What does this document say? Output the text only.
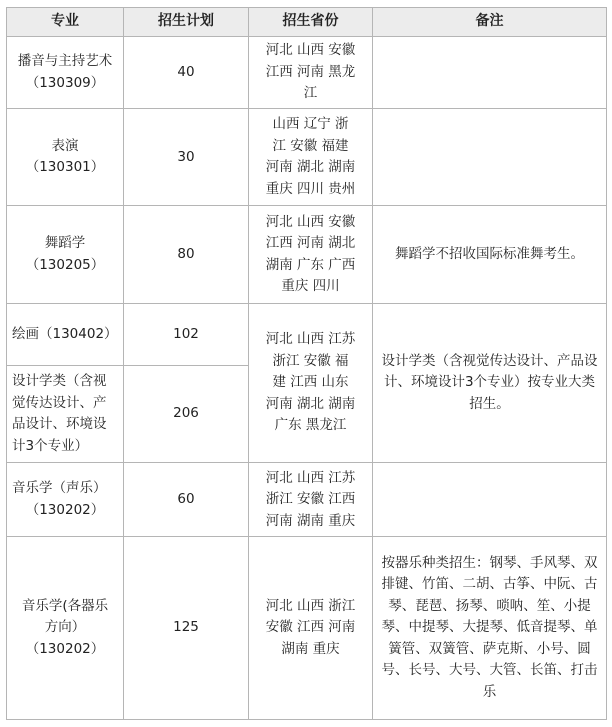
专业	招生计划	招生省份	备注

播音与主持艺术
（130309）	40	河北 山西 安徽
江西 河南 黑龙
江	

表演
（130301）	30	山西 辽宁 浙
江 安徽 福建
河南 湖北 湖南
重庆 四川 贵州	

舞蹈学
（130205）	80	河北 山西 安徽
江西 河南 湖北
湖南 广东 广西
重庆 四川	舞蹈学不招收国际标准舞考生。
绘画（130402）	102	河北 山西 江苏
浙江 安徽 福
建 江西 山东
河南 湖北 湖南
广东 黑龙江	设计学类（含视觉传达设计、产品设计、环境设计3个专业）按专业大类招生。
设计学类（含视觉传达设计、产品设计、环境设计3个专业）	206		

音乐学（声乐）
（130202）	60	河北 山西 江苏
浙江 安徽 江西
河南 湖南 重庆	

音乐学(各器乐
方向）
（130202）	125	河北 山西 浙江
安徽 江西 河南
湖南 重庆	按器乐种类招生：钢琴、手风琴、双排键、竹笛、二胡、古筝、中阮、古琴、琵琶、扬琴、唢呐、笙、小提琴、中提琴、大提琴、低音提琴、单簧管、双簧管、萨克斯、小号、圆号、长号、大号、大管、长笛、打击乐
